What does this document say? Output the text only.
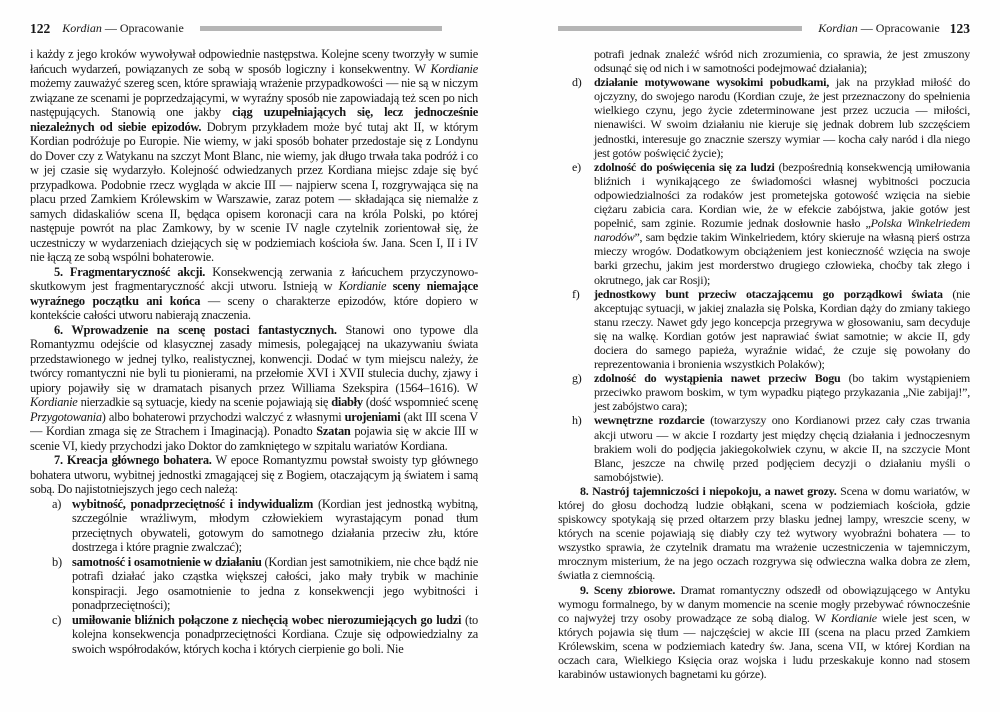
122 Kordian — Opracowanie

i każdy z jego kroków wywoływał odpowiednie następstwa. Kolejne sceny tworzyły w sumie łańcuch wydarzeń, powiązanych ze sobą w sposób logiczny i konsekwentny. W Kordianie możemy zauważyć szereg scen, które sprawiają wrażenie przypadkowości — nie są w niczym związane ze scenami je poprzedzającymi, w wyraźny sposób nie zapowiadają też scen po nich następujących. Stanowią one jakby ciąg uzupełniających się, lecz jednocześnie niezależnych od siebie epizodów. Dobrym przykładem może być tutaj akt II, w którym Kordian podróżuje po Europie. Nie wiemy, w jaki sposób bohater przedostaje się z Londynu do Dover czy z Watykanu na szczyt Mont Blanc, nie wiemy, jak długo trwała taka podróż i co w jej czasie się wydarzyło. Kolejność odwiedzanych przez Kordiana miejsc zdaje się być przypadkowa. Podobnie rzecz wygląda w akcie III — najpierw scena I, rozgrywająca się na placu przed Zamkiem Królewskim w Warszawie, zaraz potem — składająca się niemalże z samych didaskaliów scena II, będąca opisem koronacji cara na króla Polski, po której następuje powrót na plac Zamkowy, by w scenie IV nagle czytelnik zorientował się, że uczestniczy w wydarzeniach dziejących się w podziemiach kościoła św. Jana. Scen I, II i IV nie łączą ze sobą wspólni bohaterowie.

5. Fragmentaryczność akcji. Konsekwencją zerwania z łańcuchem przyczynowo-skutkowym jest fragmentaryczność akcji utworu. Istnieją w Kordianie sceny niemające wyraźnego początku ani końca — sceny o charakterze epizodów, które dopiero w kontekście całości utworu nabierają znaczenia.

6. Wprowadzenie na scenę postaci fantastycznych. Stanowi ono typowe dla Romantyzmu odejście od klasycznej zasady mimesis, polegającej na ukazywaniu świata przedstawionego w jednej tylko, realistycznej, konwencji. Dodać w tym miejscu należy, że twórcy romantyczni nie byli tu pionierami, na przełomie XVI i XVII stulecia duchy, zjawy i upiory pojawiły się w dramatach pisanych przez Williama Szekspira (1564–1616). W Kordianie nierzadkie są sytuacje, kiedy na scenie pojawiają się diabły (dość wspomnieć scenę Przygotowania) albo bohaterowi przychodzi walczyć z własnymi urojeniami (akt III scena V — Kordian zmaga się ze Strachem i Imaginacją). Ponadto Szatan pojawia się w akcie III w scenie VI, kiedy przychodzi jako Doktor do zamkniętego w szpitalu wariatów Kordiana.

7. Kreacja głównego bohatera. W epoce Romantyzmu powstał swoisty typ głównego bohatera utworu, wybitnej jednostki zmagającej się z Bogiem, otaczającym ją światem i samą sobą. Do najistotniejszych jego cech należą:

a) wybitność, ponadprzeciętność i indywidualizm (Kordian jest jednostką wybitną, szczególnie wrażliwym, młodym człowiekiem wyrastającym ponad tłum przeciętnych obywateli, gotowym do samotnego działania przeciw złu, które dostrzega i które pragnie zwalczać);

b) samotność i osamotnienie w działaniu (Kordian jest samotnikiem, nie chce bądź nie potrafi działać jako cząstka większej całości, jako mały trybik w machinie konspiracji. Jego osamotnienie to jedna z konsekwencji jego wybitności i ponadprzeciętności);

c) umiłowanie bliźnich połączone z niechęcią wobec nierozumiejących go ludzi (to kolejna konsekwencja ponadprzeciętności Kordiana. Czuje się odpowiedzialny za swoich współrodaków, których kocha i których cierpienie go boli. Nie

Kordian — Opracowanie 123

potrafi jednak znaleźć wśród nich zrozumienia, co sprawia, że jest zmuszony odsunąć się od nich i w samotności podejmować działania);

d) działanie motywowane wysokimi pobudkami, jak na przykład miłość do ojczyzny, do swojego narodu (Kordian czuje, że jest przeznaczony do spełnienia wielkiego czynu, jego życie zdeterminowane jest przez uczucia — miłości, nienawiści. W swoim działaniu nie kieruje się jednak dobrem lub szczęściem jednostki, interesuje go znacznie szerszy wymiar — kocha cały naród i dla niego jest gotów poświęcić życie);

e) zdolność do poświęcenia się za ludzi (bezpośrednią konsekwencją umiłowania bliźnich i wynikającego ze świadomości własnej wybitności poczucia odpowiedzialności za rodaków jest prometejska gotowość wzięcia na siebie ciężaru zabicia cara. Kordian wie, że w efekcie zabójstwa, jakie gotów jest popełnić, sam zginie. Rozumie jednak dosłownie hasło „Polska Winkelriedem narodów”, sam będzie takim Winkelriedem, który skieruje na własną pierś ostrza mieczy wrogów. Dodatkowym obciążeniem jest konieczność wzięcia na swoje barki grzechu, jakim jest morderstwo drugiego człowieka, choćby tak złego i okrutnego, jak car Rosji);

f) jednostkowy bunt przeciw otaczającemu go porządkowi świata (nie akceptując sytuacji, w jakiej znalazła się Polska, Kordian dąży do zmiany takiego stanu rzeczy. Nawet gdy jego koncepcja przegrywa w głosowaniu, sam decyduje się na walkę. Kordian gotów jest naprawiać świat samotnie; w akcie II, gdy dociera do samego papieża, wyraźnie widać, że czuje się powołany do reprezentowania i bronienia wszystkich Polaków);

g) zdolność do wystąpienia nawet przeciw Bogu (bo takim wystąpieniem przeciwko prawom boskim, w tym wypadku piątego przykazania „Nie zabijaj!”, jest zabójstwo cara);

h) wewnętrzne rozdarcie (towarzyszy ono Kordianowi przez cały czas trwania akcji utworu — w akcie I rozdarty jest między chęcią działania i jednoczesnym brakiem woli do podjęcia jakiegokolwiek czynu, w akcie II, na szczycie Mont Blanc, jeszcze na chwilę przed podjęciem decyzji o działaniu myśli o samobójstwie).

8. Nastrój tajemniczości i niepokoju, a nawet grozy. Scena w domu wariatów, w której do głosu dochodzą ludzie obłąkani, scena w podziemiach kościoła, gdzie spiskowcy spotykają się przed ołtarzem przy blasku jednej lampy, wreszcie sceny, w których na scenie pojawiają się diabły czy też wytwory wyobraźni bohatera — to wszystko sprawia, że czytelnik dramatu ma wrażenie uczestniczenia w tajemniczym, mrocznym misterium, że na jego oczach rozgrywa się odwieczna walka dobra ze złem, światła z ciemnością.

9. Sceny zbiorowe. Dramat romantyczny odszedł od obowiązującego w Antyku wymogu formalnego, by w danym momencie na scenie mogły przebywać równocześnie co najwyżej trzy osoby prowadzące ze sobą dialog. W Kordianie wiele jest scen, w których pojawia się tłum — najczęściej w akcie III (scena na placu przed Zamkiem Królewskim, scena w podziemiach katedry św. Jana, scena VII, w której Kordian na oczach cara, Wielkiego Księcia oraz wojska i ludu przeskakuje konno nad stosem karabinów ustawionych bagnetami ku górze).
